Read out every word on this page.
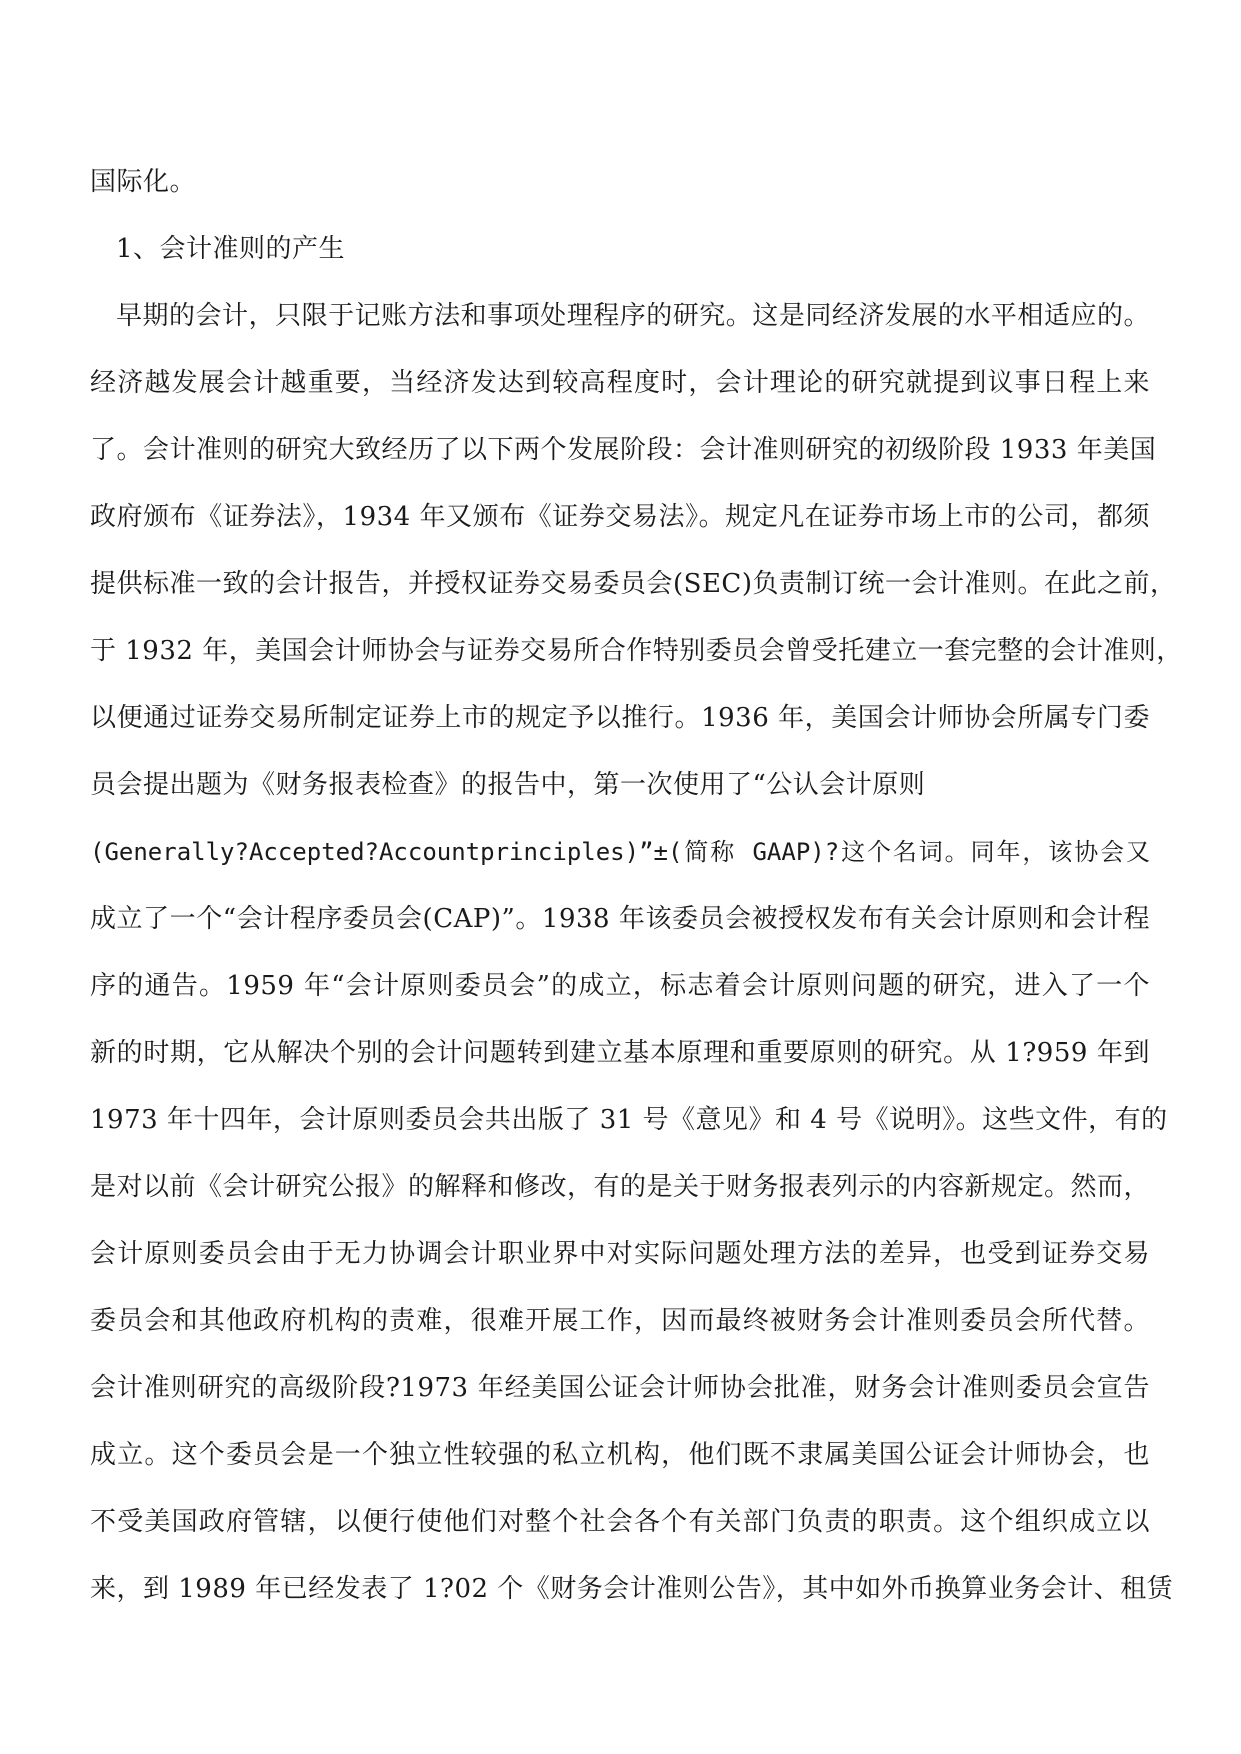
国际化。
1、会计准则的产生
早期的会计，只限于记账方法和事项处理程序的研究。这是同经济发展的水平相适应的。
经济越发展会计越重要，当经济发达到较高程度时，会计理论的研究就提到议事日程上来
了。会计准则的研究大致经历了以下两个发展阶段：会计准则研究的初级阶段 1933 年美国
政府颁布《证券法》，1934 年又颁布《证券交易法》。规定凡在证券市场上市的公司，都须
提供标准一致的会计报告，并授权证券交易委员会(SEC)负责制订统一会计准则。在此之前，
于 1932 年，美国会计师协会与证券交易所合作特别委员会曾受托建立一套完整的会计准则，
以便通过证券交易所制定证券上市的规定予以推行。1936 年，美国会计师协会所属专门委
员会提出题为《财务报表检查》的报告中，第一次使用了“公认会计原则
(Generally?Accepted?Accountprinciples)”±(简称 GAAP)?这个名词。同年，该协会又
成立了一个“会计程序委员会(CAP)”。1938 年该委员会被授权发布有关会计原则和会计程
序的通告。1959 年“会计原则委员会”的成立，标志着会计原则问题的研究，进入了一个
新的时期，它从解决个别的会计问题转到建立基本原理和重要原则的研究。从 1?959 年到
1973 年十四年，会计原则委员会共出版了 31 号《意见》和 4 号《说明》。这些文件，有的
是对以前《会计研究公报》的解释和修改，有的是关于财务报表列示的内容新规定。然而，
会计原则委员会由于无力协调会计职业界中对实际问题处理方法的差异，也受到证券交易
委员会和其他政府机构的责难，很难开展工作，因而最终被财务会计准则委员会所代替。
会计准则研究的高级阶段?1973 年经美国公证会计师协会批准，财务会计准则委员会宣告
成立。这个委员会是一个独立性较强的私立机构，他们既不隶属美国公证会计师协会，也
不受美国政府管辖，以便行使他们对整个社会各个有关部门负责的职责。这个组织成立以
来，到 1989 年已经发表了 1?02 个《财务会计准则公告》，其中如外币换算业务会计、租赁
